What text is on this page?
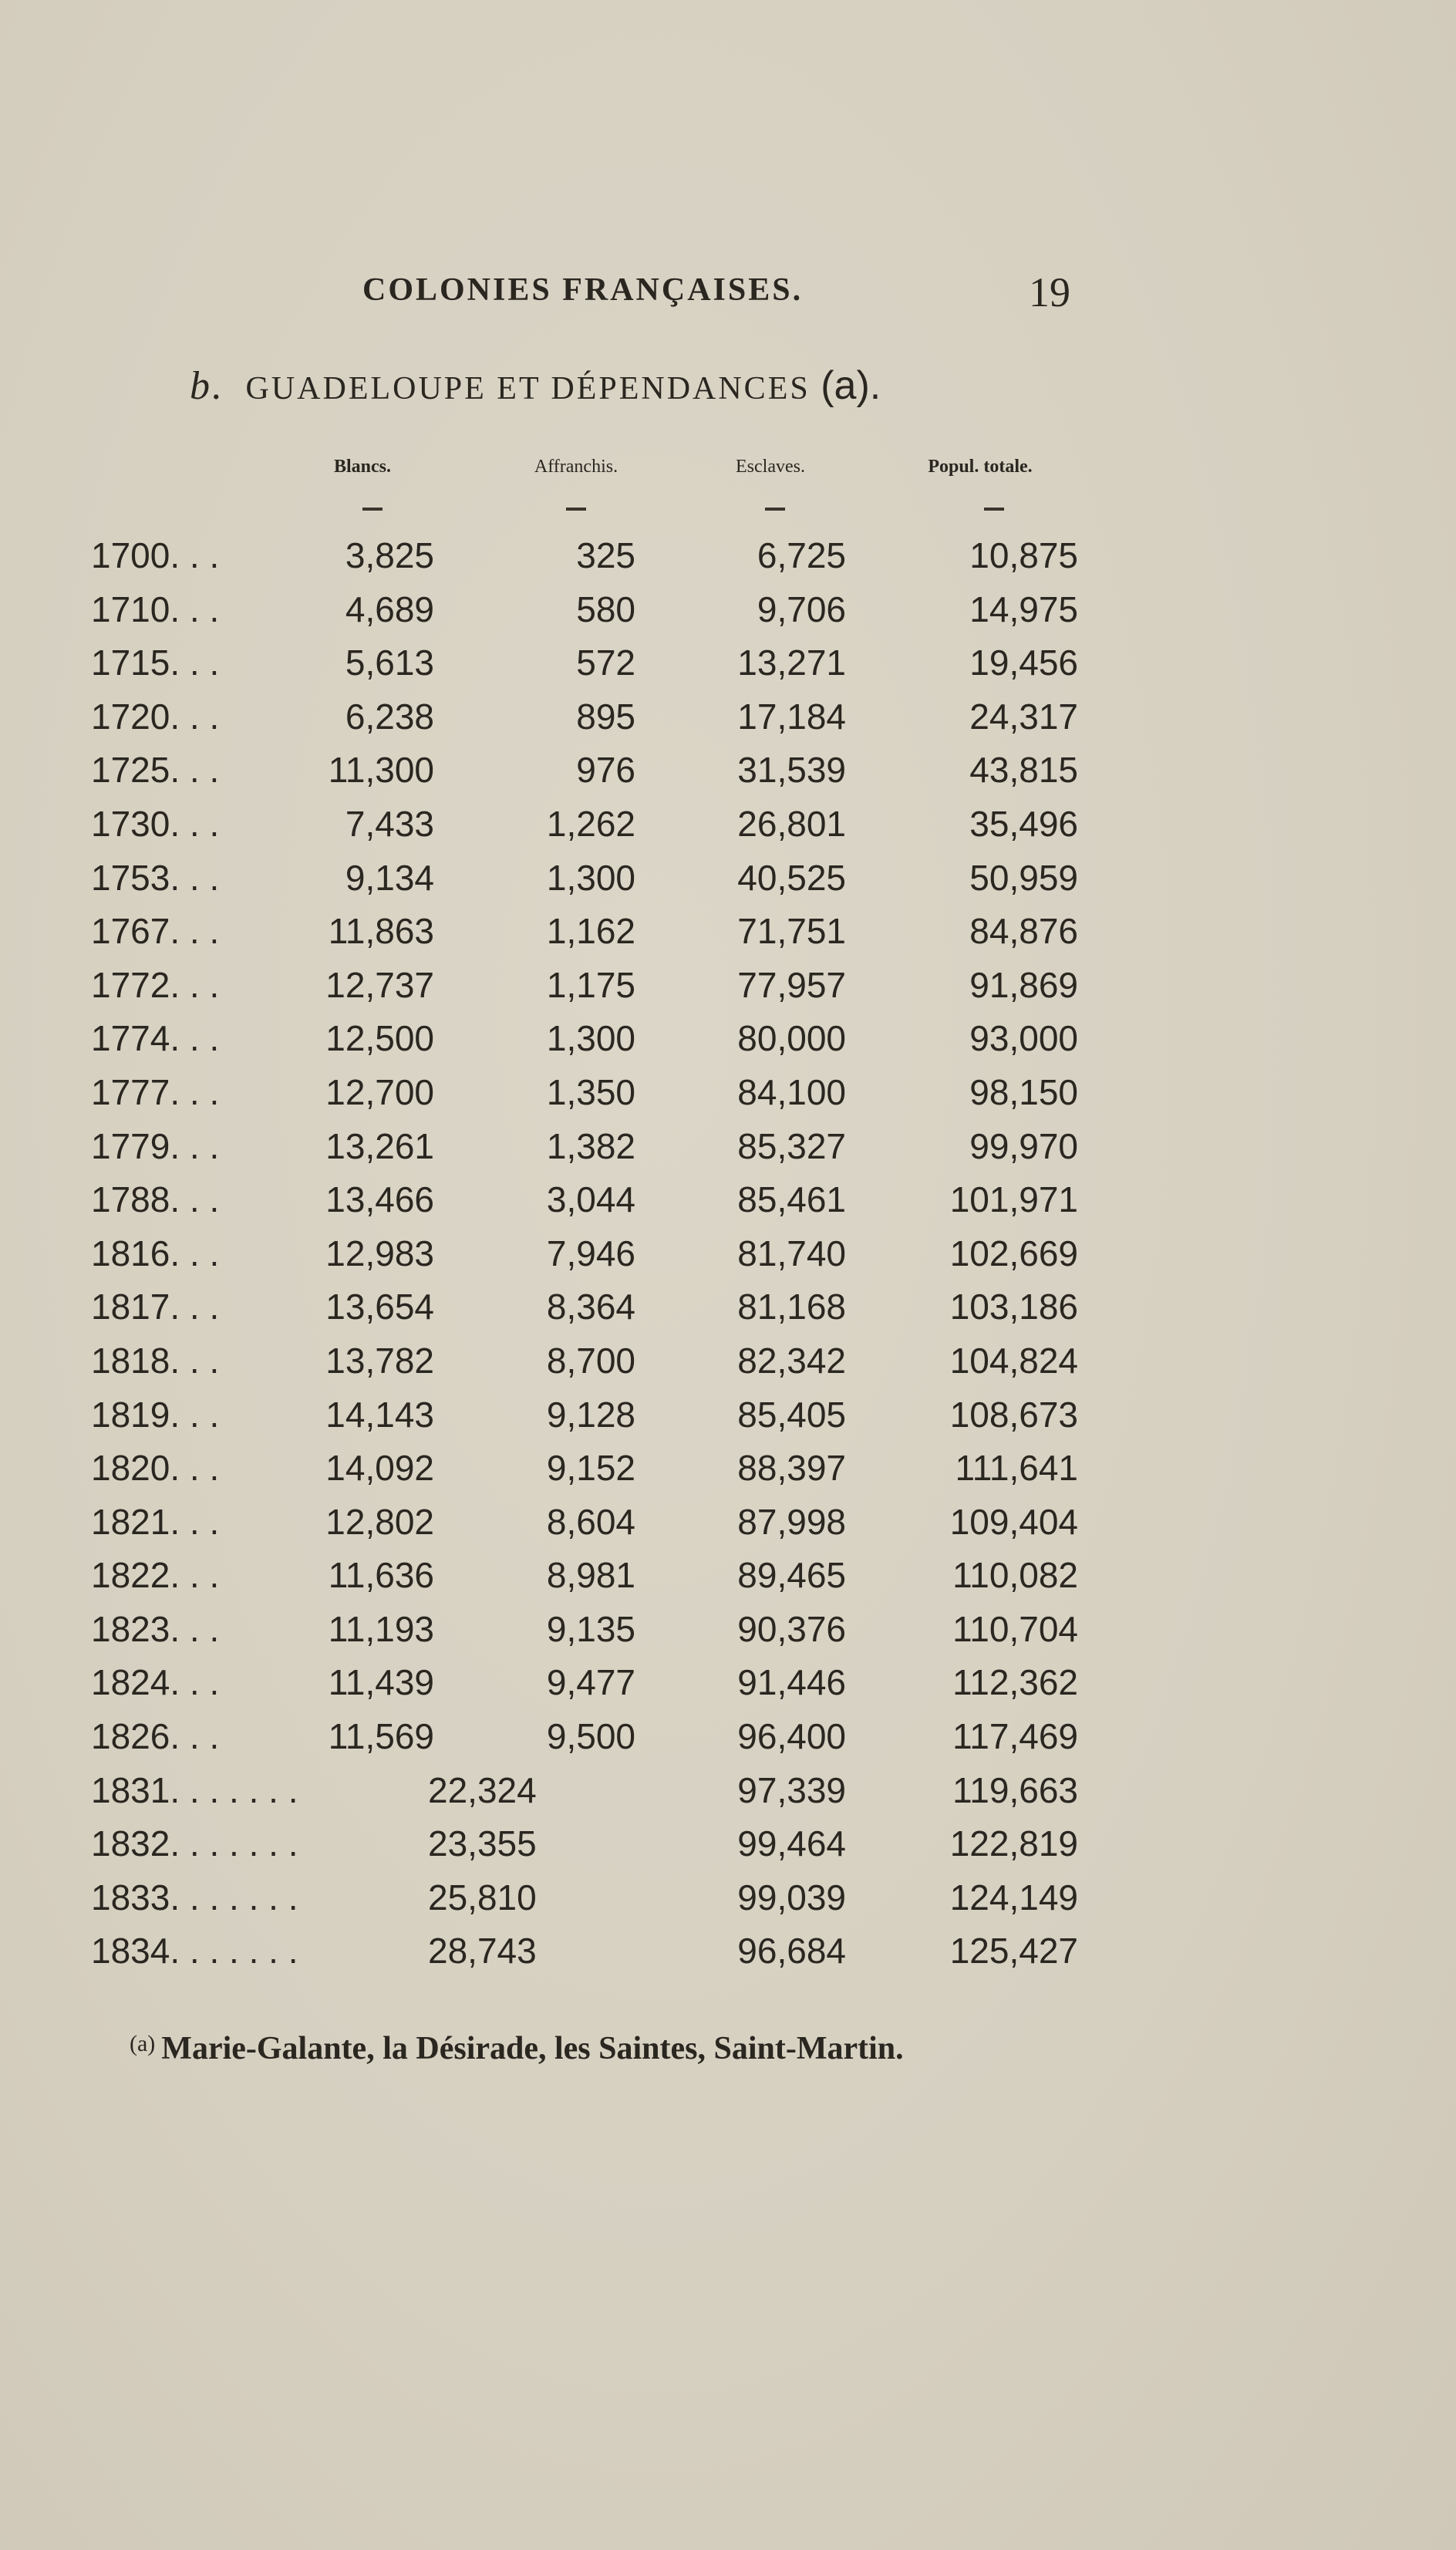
COLONIES FRANÇAISES.	19
b. GUADELOUPE ET DÉPENDANCES (a).
Blancs.	Affranchis.	Esclaves.	Popul. totale.
1700. . .	3,825	325	6,725	10,875
1710. . .	4,689	580	9,706	14,975
1715. . .	5,613	572	13,271	19,456
1720. . .	6,238	895	17,184	24,317
1725. . .	11,300	976	31,539	43,815
1730. . .	7,433	1,262	26,801	35,496
1753. . .	9,134	1,300	40,525	50,959
1767. . .	11,863	1,162	71,751	84,876
1772. . .	12,737	1,175	77,957	91,869
1774. . .	12,500	1,300	80,000	93,000
1777. . .	12,700	1,350	84,100	98,150
1779. . .	13,261	1,382	85,327	99,970
1788. . .	13,466	3,044	85,461	101,971
1816. . .	12,983	7,946	81,740	102,669
1817. . .	13,654	8,364	81,168	103,186
1818. . .	13,782	8,700	82,342	104,824
1819. . .	14,143	9,128	85,405	108,673
1820. . .	14,092	9,152	88,397	111,641
1821. . .	12,802	8,604	87,998	109,404
1822. . .	11,636	8,981	89,465	110,082
1823. . .	11,193	9,135	90,376	110,704
1824. . .	11,439	9,477	91,446	112,362
1826. . .	11,569	9,500	96,400	117,469
1831. . . . . . .	22,324	97,339	119,663
1832. . . . . . .	23,355	99,464	122,819
1833. . . . . . .	25,810	99,039	124,149
1834. . . . . . .	28,743	96,684	125,427
$^{(a)}$ Marie-Galante, la Désirade, les Saintes, Saint-Martin.
